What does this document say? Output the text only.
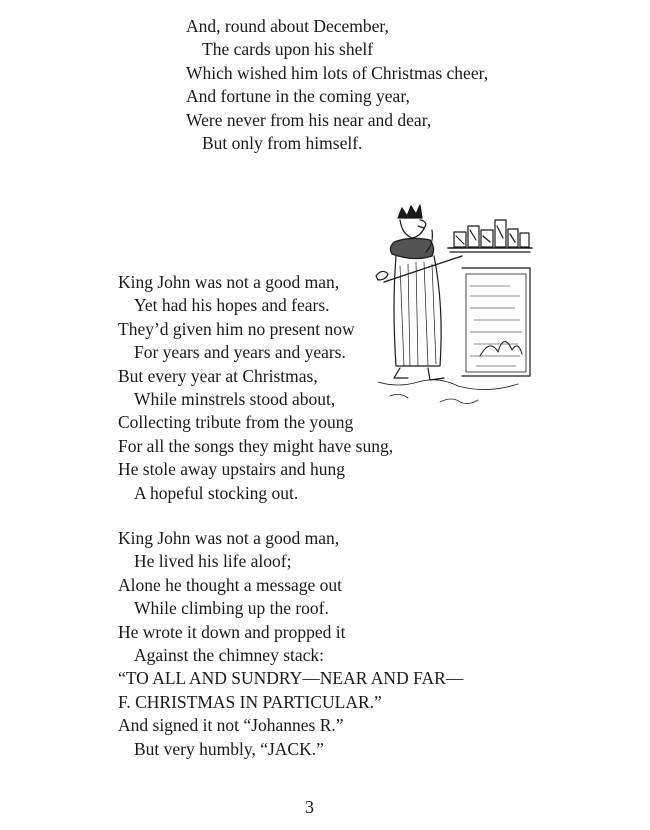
And, round about December,
The cards upon his shelf
Which wished him lots of Christmas cheer,
And fortune in the coming year,
Were never from his near and dear,
But only from himself.
King John was not a good man,
Yet had his hopes and fears.
They’d given him no present now
For years and years and years.
But every year at Christmas,
While minstrels stood about,
Collecting tribute from the young
For all the songs they might have sung,
He stole away upstairs and hung
A hopeful stocking out.
King John was not a good man,
He lived his life aloof;
Alone he thought a message out
While climbing up the roof.
He wrote it down and propped it
Against the chimney stack:
“TO ALL AND SUNDRY—NEAR AND FAR—
F. CHRISTMAS IN PARTICULAR.”
And signed it not “Johannes R.”
But very humbly, “JACK.”
3
